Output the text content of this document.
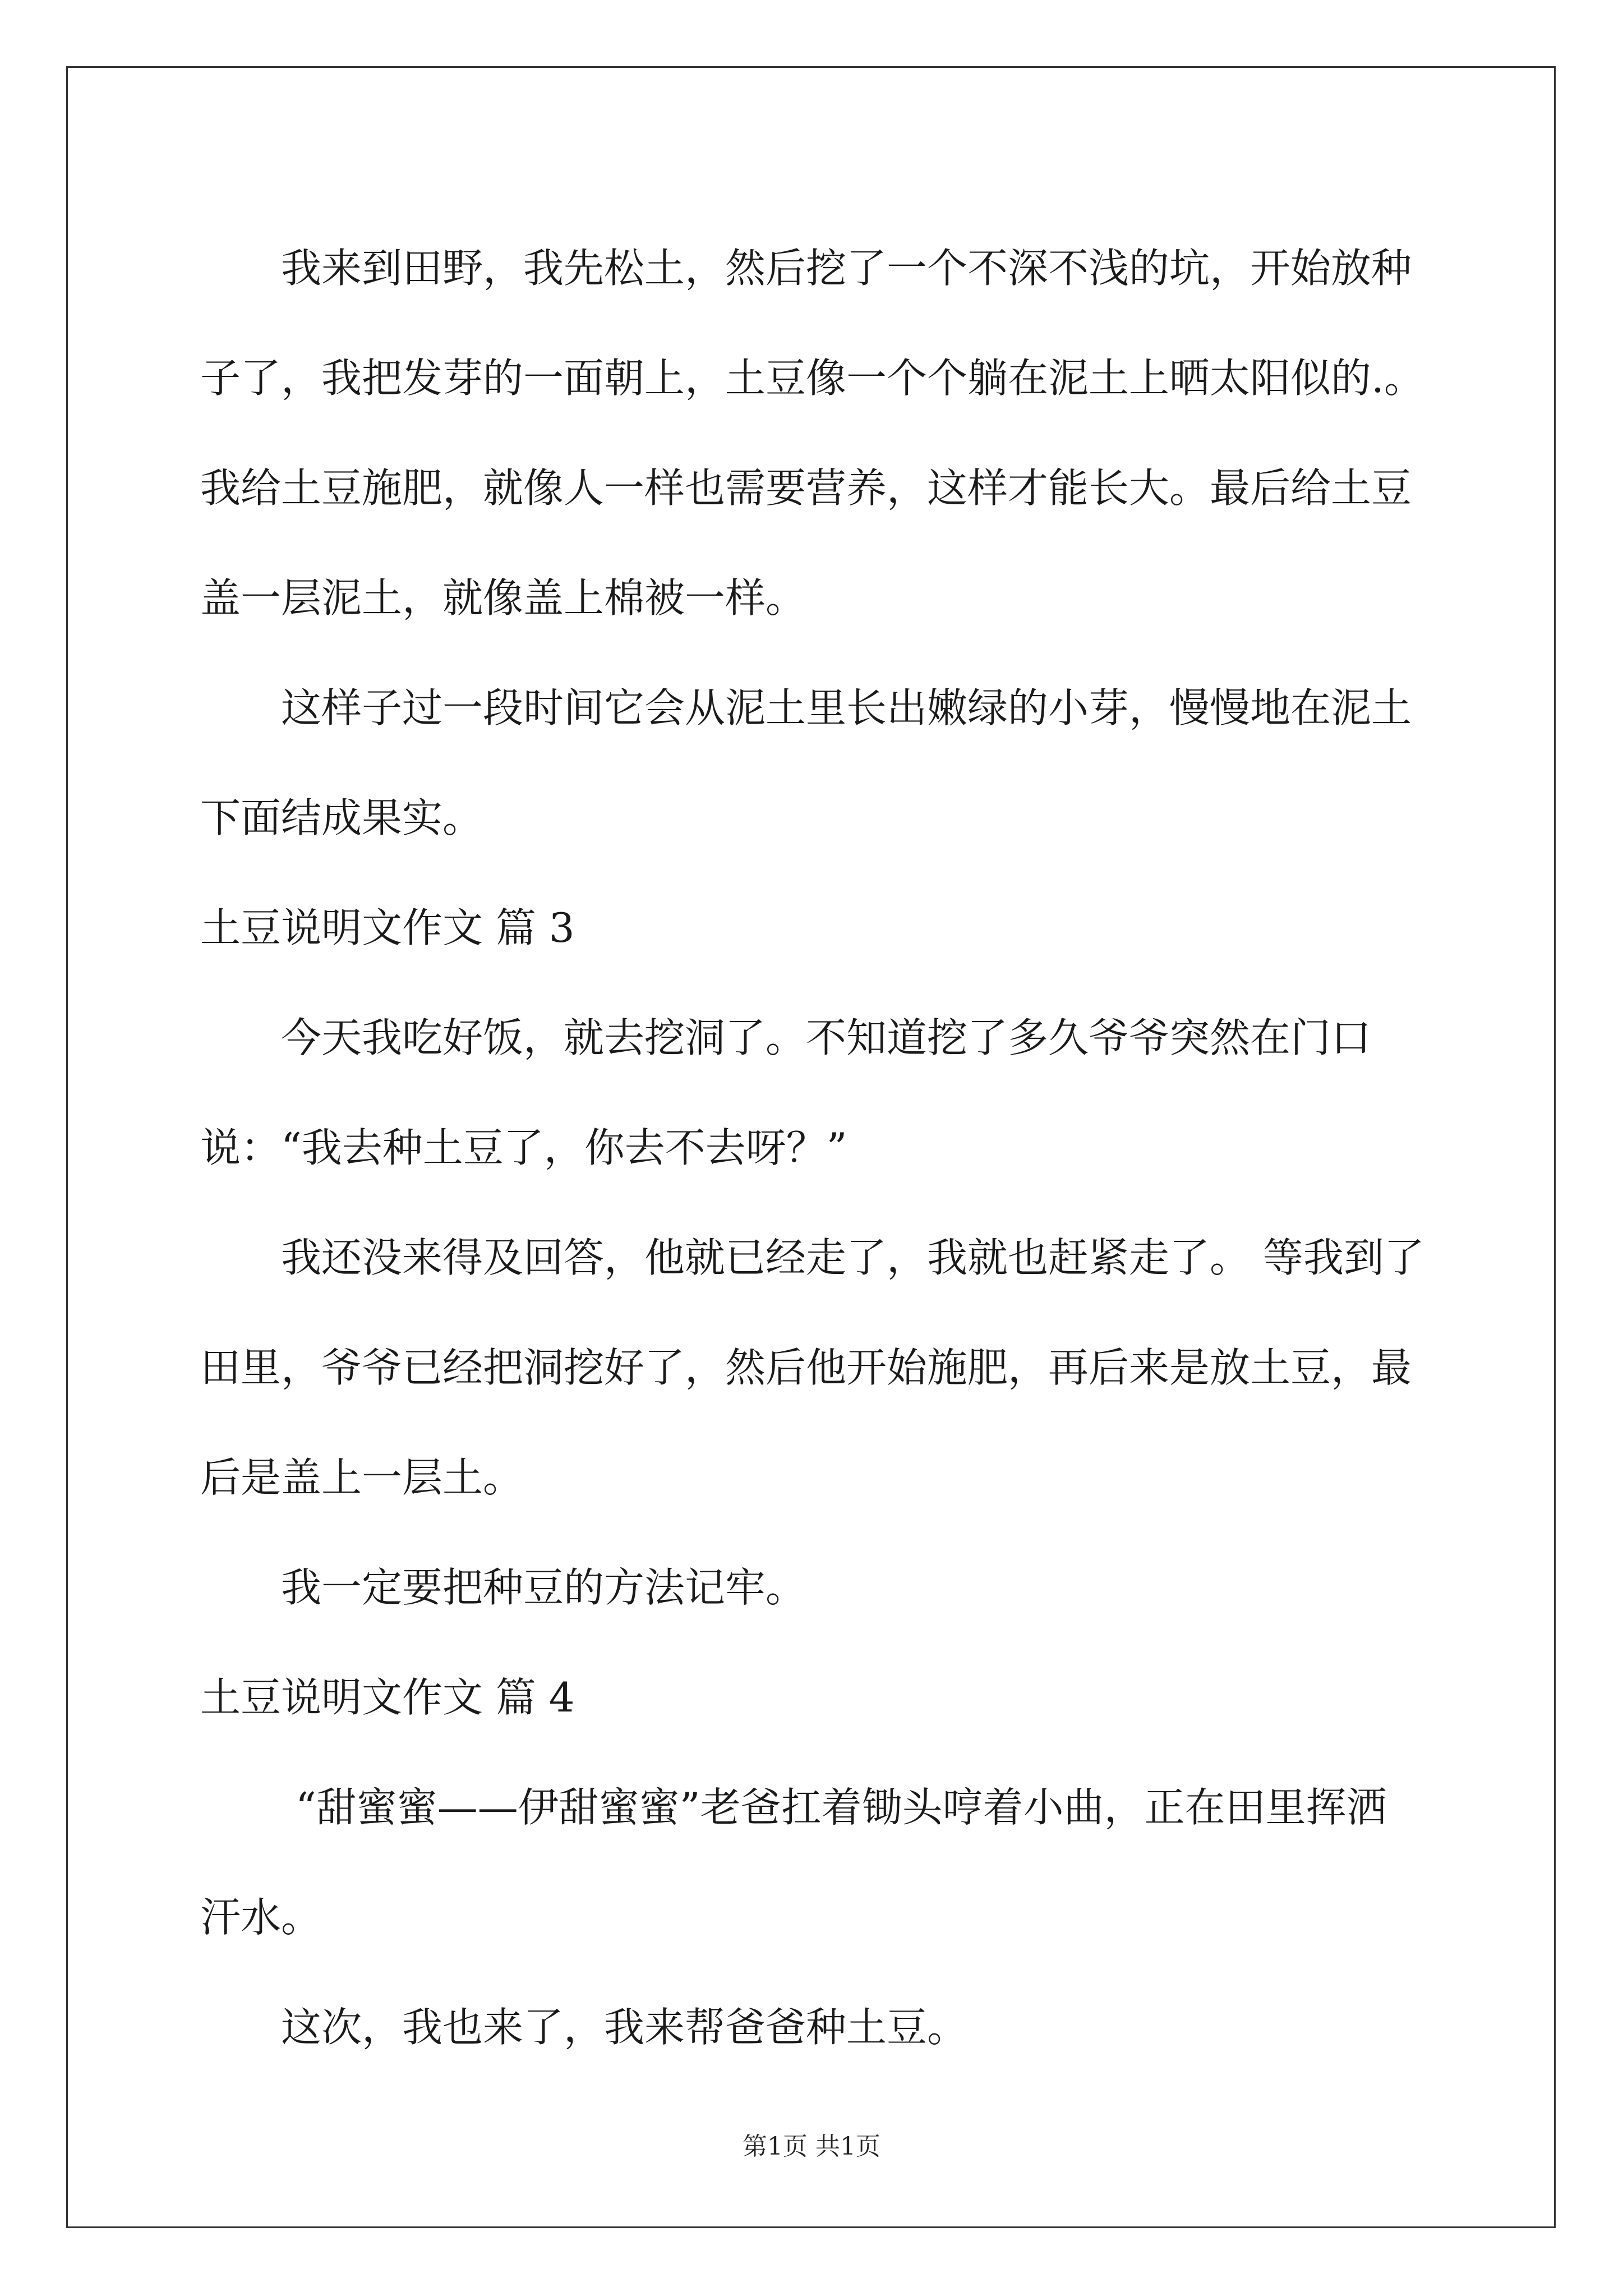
我来到田野，我先松土，然后挖了一个不深不浅的坑，开始放种

子了，我把发芽的一面朝上，土豆像一个个躺在泥土上晒太阳似的.。

我给土豆施肥，就像人一样也需要营养，这样才能长大。最后给土豆

盖一层泥土，就像盖上棉被一样。

这样子过一段时间它会从泥土里长出嫩绿的小芽，慢慢地在泥土

下面结成果实。

土豆说明文作文 篇 3

今天我吃好饭，就去挖洞了。不知道挖了多久爷爷突然在门口

说：“我去种土豆了，你去不去呀？”

我还没来得及回答，他就已经走了，我就也赶紧走了。 等我到了

田里，爷爷已经把洞挖好了，然后他开始施肥，再后来是放土豆，最

后是盖上一层土。

我一定要把种豆的方法记牢。

土豆说明文作文 篇 4

“甜蜜蜜——伊甜蜜蜜”老爸扛着锄头哼着小曲，正在田里挥洒

汗水。

这次，我也来了，我来帮爸爸种土豆。

第1页 共1页
